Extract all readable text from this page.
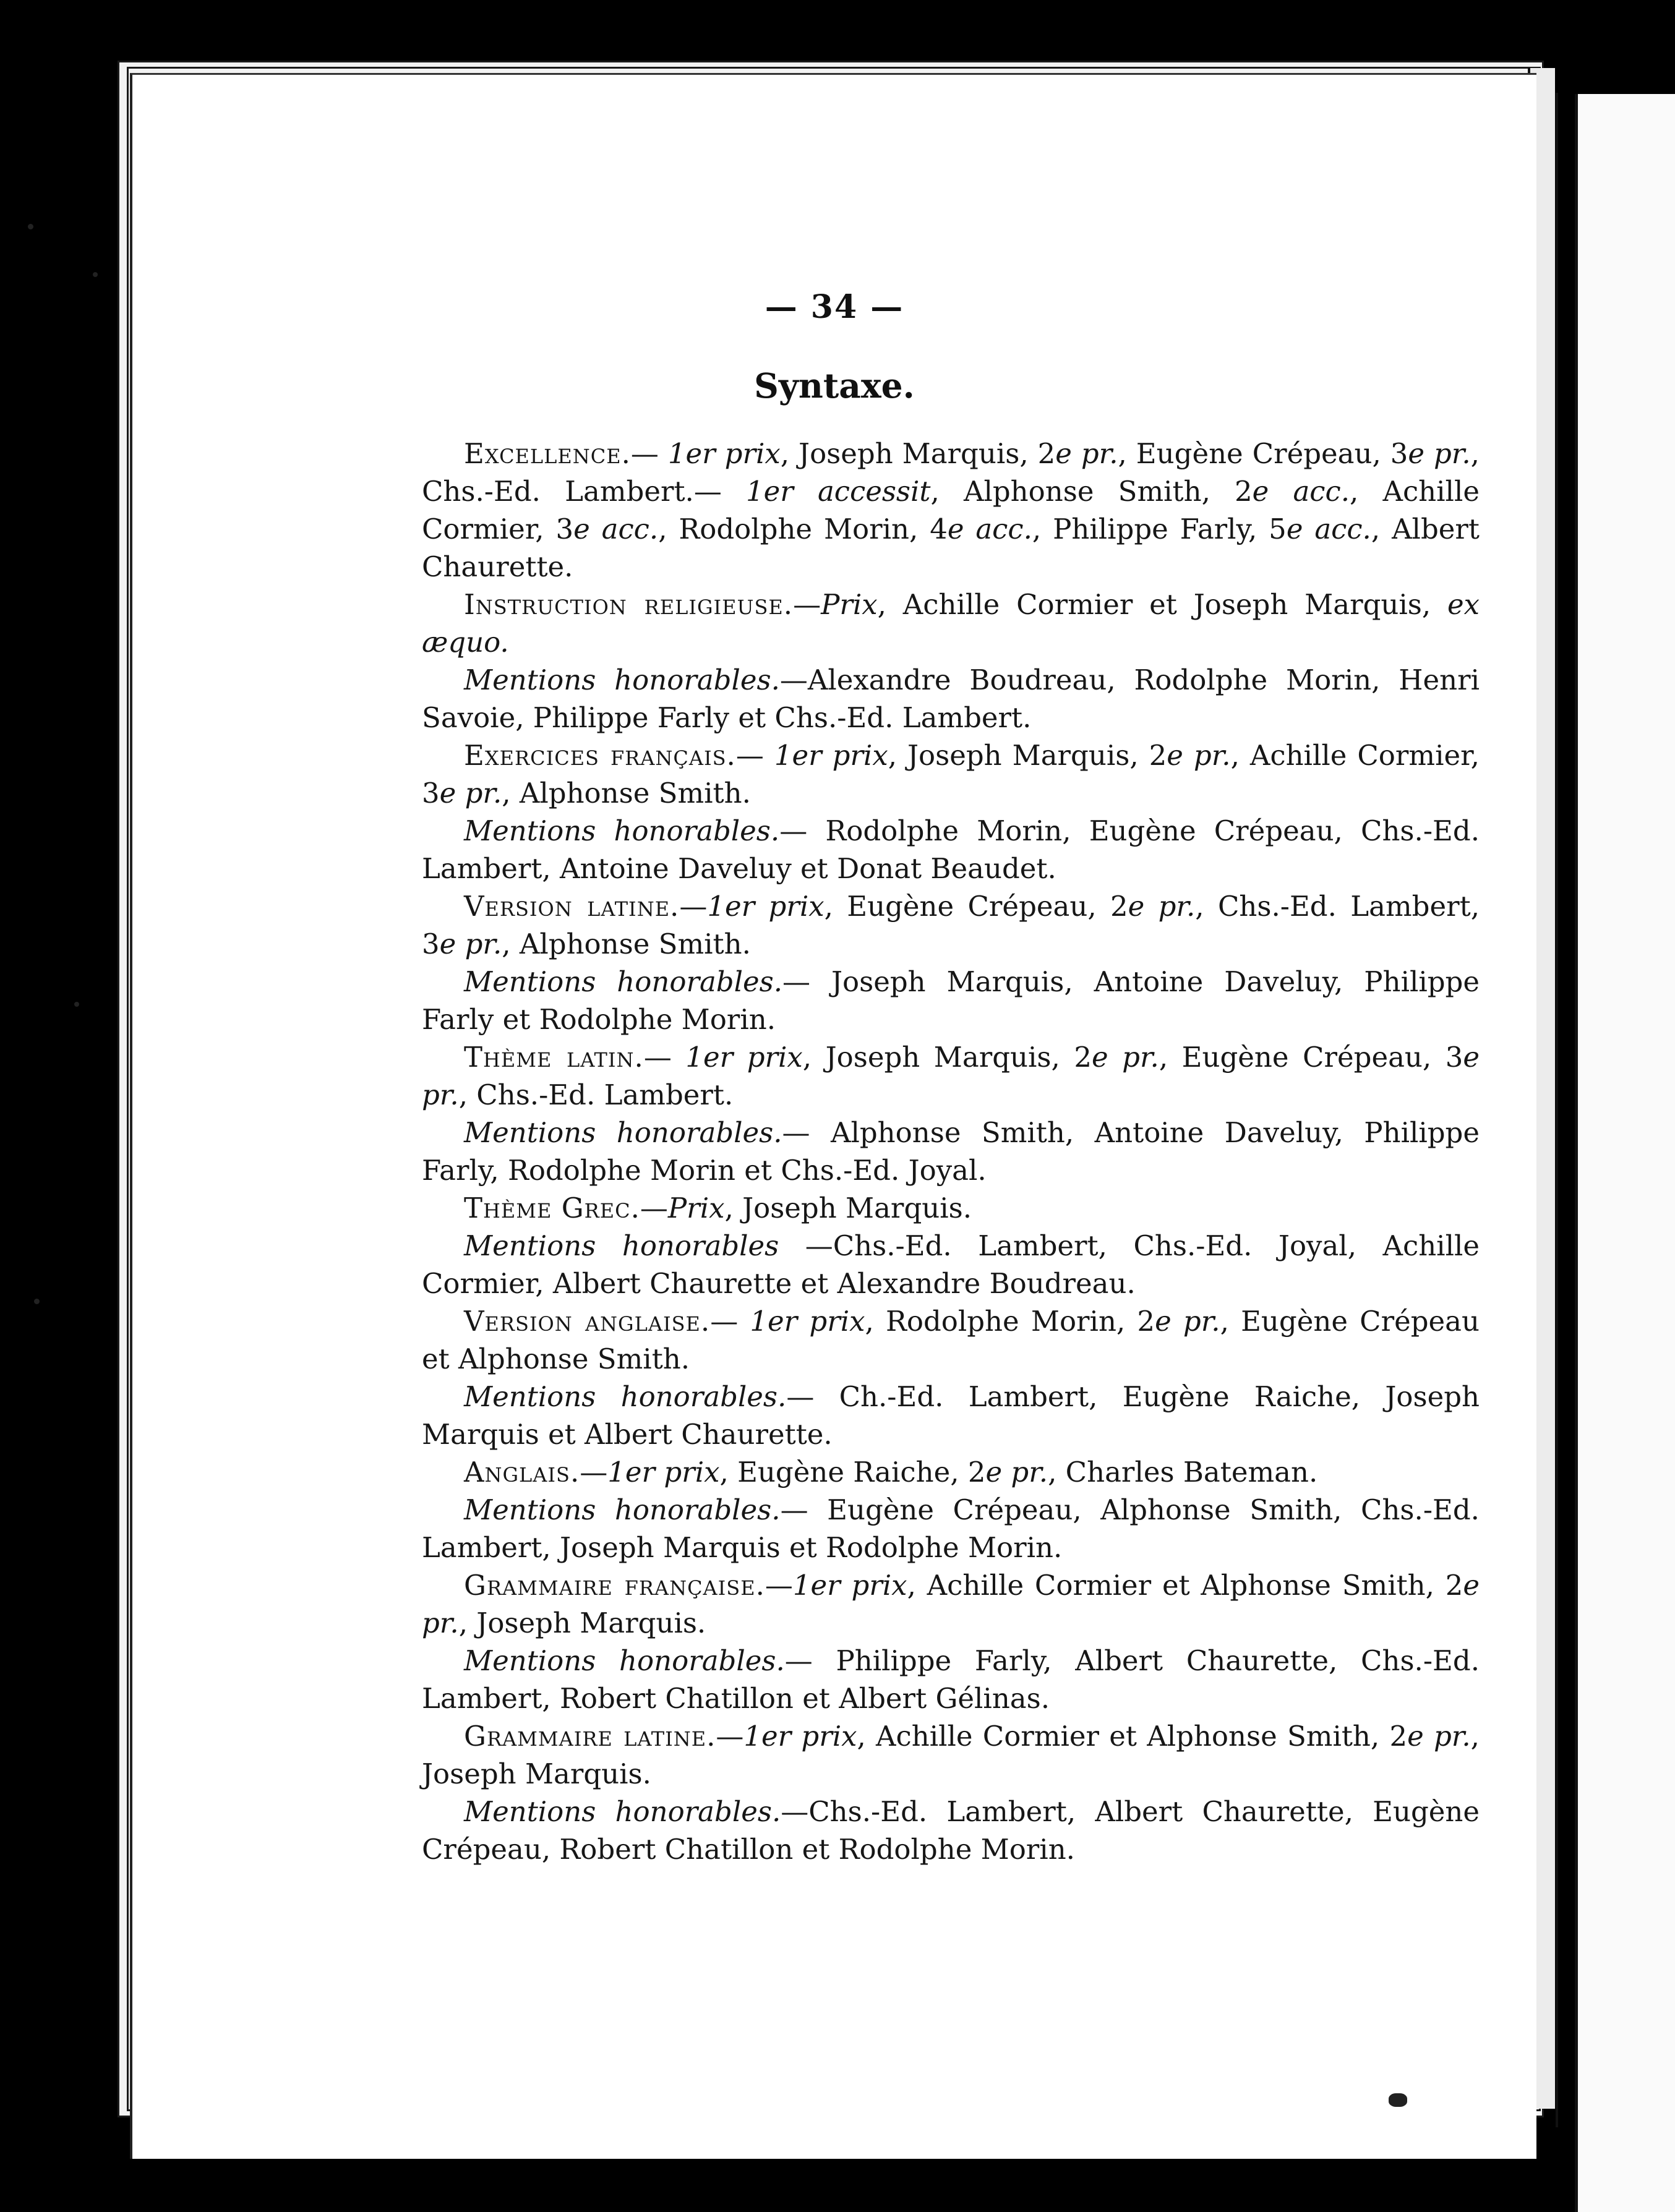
— 34 —
Syntaxe.

Excellence.— 1er prix, Joseph Marquis, 2e pr., Eugène Crépeau, 3e pr., Chs.-Ed. Lambert.— 1er accessit, Alphonse Smith, 2e acc., Achille Cormier, 3e acc., Rodolphe Morin, 4e acc., Philippe Farly, 5e acc., Albert Chaurette.

Instruction religieuse.—Prix, Achille Cormier et Joseph Marquis, ex æquo.

Mentions honorables.—Alexandre Boudreau, Rodolphe Morin, Henri Savoie, Philippe Farly et Chs.-Ed. Lambert.

Exercices français.— 1er prix, Joseph Marquis, 2e pr., Achille Cormier, 3e pr., Alphonse Smith.

Mentions honorables.— Rodolphe Morin, Eugène Crépeau, Chs.-Ed. Lambert, Antoine Daveluy et Donat Beaudet.

Version latine.—1er prix, Eugène Crépeau, 2e pr., Chs.-Ed. Lambert, 3e pr., Alphonse Smith.

Mentions honorables.— Joseph Marquis, Antoine Daveluy, Philippe Farly et Rodolphe Morin.

Thème latin.— 1er prix, Joseph Marquis, 2e pr., Eugène Crépeau, 3e pr., Chs.-Ed. Lambert.

Mentions honorables.— Alphonse Smith, Antoine Daveluy, Philippe Farly, Rodolphe Morin et Chs.-Ed. Joyal.

Thème Grec.—Prix, Joseph Marquis.

Mentions honorables —Chs.-Ed. Lambert, Chs.-Ed. Joyal, Achille Cormier, Albert Chaurette et Alexandre Boudreau.

Version anglaise.— 1er prix, Rodolphe Morin, 2e pr., Eugène Crépeau et Alphonse Smith.

Mentions honorables.— Ch.-Ed. Lambert, Eugène Raiche, Joseph Marquis et Albert Chaurette.

Anglais.—1er prix, Eugène Raiche, 2e pr., Charles Bateman.

Mentions honorables.— Eugène Crépeau, Alphonse Smith, Chs.-Ed. Lambert, Joseph Marquis et Rodolphe Morin.

Grammaire française.—1er prix, Achille Cormier et Alphonse Smith, 2e pr., Joseph Marquis.

Mentions honorables.— Philippe Farly, Albert Chaurette, Chs.-Ed. Lambert, Robert Chatillon et Albert Gélinas.

Grammaire latine.—1er prix, Achille Cormier et Alphonse Smith, 2e pr., Joseph Marquis.

Mentions honorables.—Chs.-Ed. Lambert, Albert Chaurette, Eugène Crépeau, Robert Chatillon et Rodolphe Morin.
